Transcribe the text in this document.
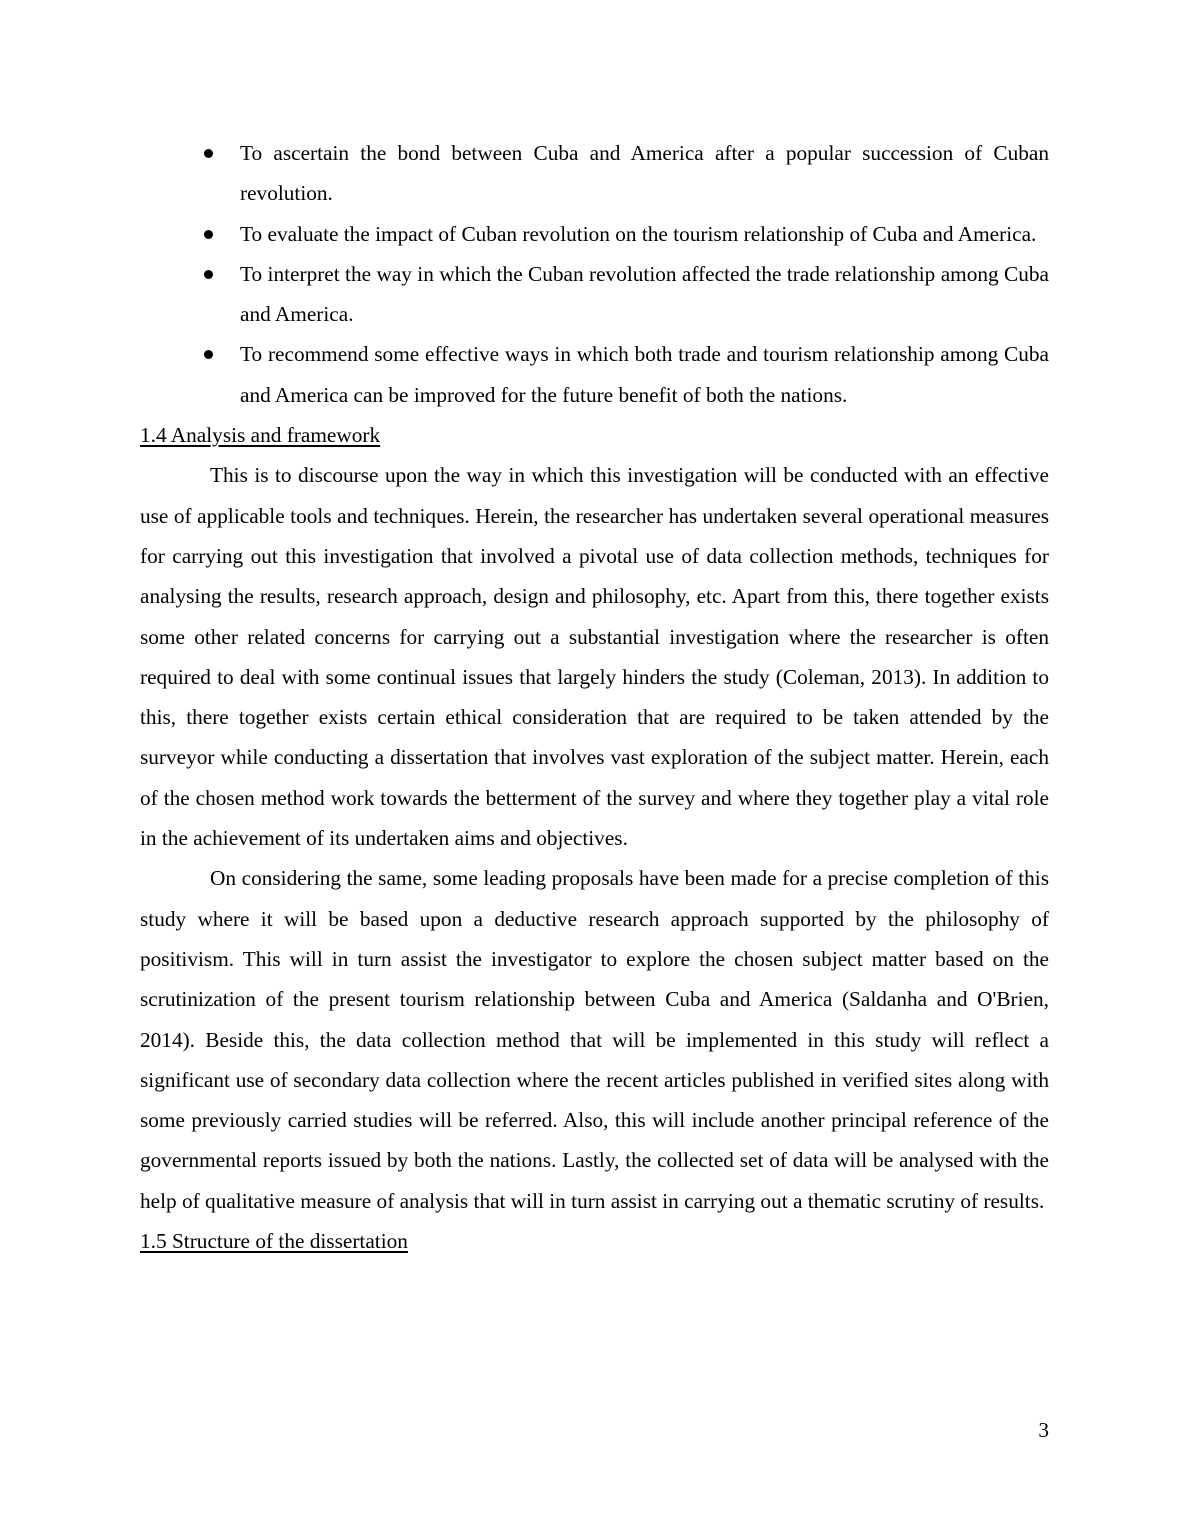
To ascertain the bond between Cuba and America after a popular succession of Cuban revolution.
To evaluate the impact of Cuban revolution on the tourism relationship of Cuba and America.
To interpret the way in which the Cuban revolution affected the trade relationship among Cuba and America.
To recommend some effective ways in which both trade and tourism relationship among Cuba and America can be improved for the future benefit of both the nations.
1.4 Analysis and framework

This is to discourse upon the way in which this investigation will be conducted with an effective use of applicable tools and techniques. Herein, the researcher has undertaken several operational measures for carrying out this investigation that involved a pivotal use of data collection methods, techniques for analysing the results, research approach, design and philosophy, etc. Apart from this, there together exists some other related concerns for carrying out a substantial investigation where the researcher is often required to deal with some continual issues that largely hinders the study (Coleman, 2013). In addition to this, there together exists certain ethical consideration that are required to be taken attended by the surveyor while conducting a dissertation that involves vast exploration of the subject matter. Herein, each of the chosen method work towards the betterment of the survey and where they together play a vital role in the achievement of its undertaken aims and objectives.

On considering the same, some leading proposals have been made for a precise completion of this study where it will be based upon a deductive research approach supported by the philosophy of positivism. This will in turn assist the investigator to explore the chosen subject matter based on the scrutinization of the present tourism relationship between Cuba and America (Saldanha and O'Brien, 2014). Beside this, the data collection method that will be implemented in this study will reflect a significant use of secondary data collection where the recent articles published in verified sites along with some previously carried studies will be referred. Also, this will include another principal reference of the governmental reports issued by both the nations. Lastly, the collected set of data will be analysed with the help of qualitative measure of analysis that will in turn assist in carrying out a thematic scrutiny of results.

1.5 Structure of the dissertation
3
